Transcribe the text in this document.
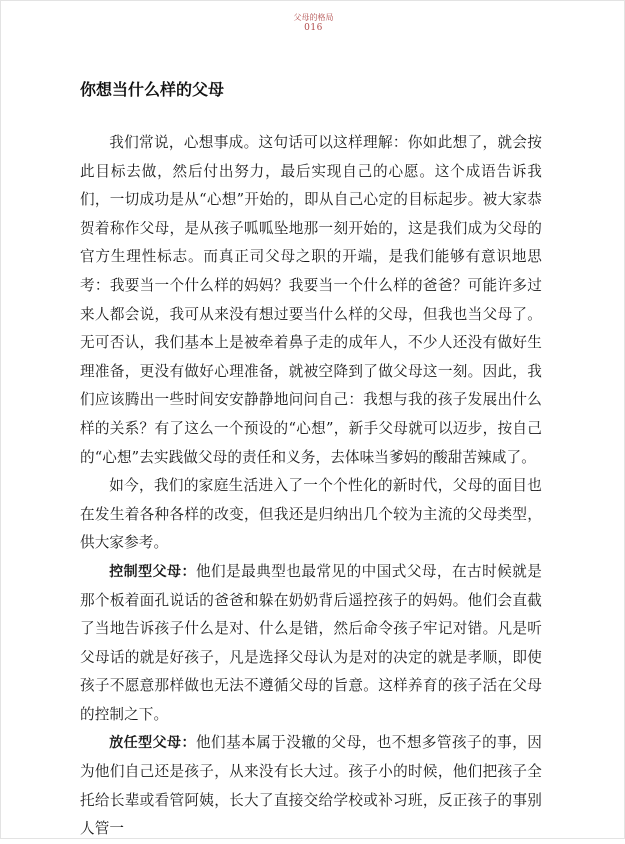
父母的格局
016
你想当什么样的父母

我们常说，心想事成。这句话可以这样理解：你如此想了，就会按此目标去做，然后付出努力，最后实现自己的心愿。这个成语告诉我们，一切成功是从“心想”开始的，即从自己心定的目标起步。被大家恭贺着称作父母，是从孩子呱呱坠地那一刻开始的，这是我们成为父母的官方生理性标志。而真正司父母之职的开端，是我们能够有意识地思考：我要当一个什么样的妈妈？我要当一个什么样的爸爸？可能许多过来人都会说，我可从来没有想过要当什么样的父母，但我也当父母了。无可否认，我们基本上是被牵着鼻子走的成年人，不少人还没有做好生理准备，更没有做好心理准备，就被空降到了做父母这一刻。因此，我们应该腾出一些时间安安静静地问问自己：我想与我的孩子发展出什么样的关系？有了这么一个预设的“心想”，新手父母就可以迈步，按自己的“心想”去实践做父母的责任和义务，去体味当爹妈的酸甜苦辣咸了。

如今，我们的家庭生活进入了一个个性化的新时代，父母的面目也在发生着各种各样的改变，但我还是归纳出几个较为主流的父母类型，供大家参考。

控制型父母：他们是最典型也最常见的中国式父母，在古时候就是那个板着面孔说话的爸爸和躲在奶奶背后遥控孩子的妈妈。他们会直截了当地告诉孩子什么是对、什么是错，然后命令孩子牢记对错。凡是听父母话的就是好孩子，凡是选择父母认为是对的决定的就是孝顺，即使孩子不愿意那样做也无法不遵循父母的旨意。这样养育的孩子活在父母的控制之下。

放任型父母：他们基本属于没辙的父母，也不想多管孩子的事，因为他们自己还是孩子，从来没有长大过。孩子小的时候，他们把孩子全托给长辈或看管阿姨，长大了直接交给学校或补习班，反正孩子的事别人管一
